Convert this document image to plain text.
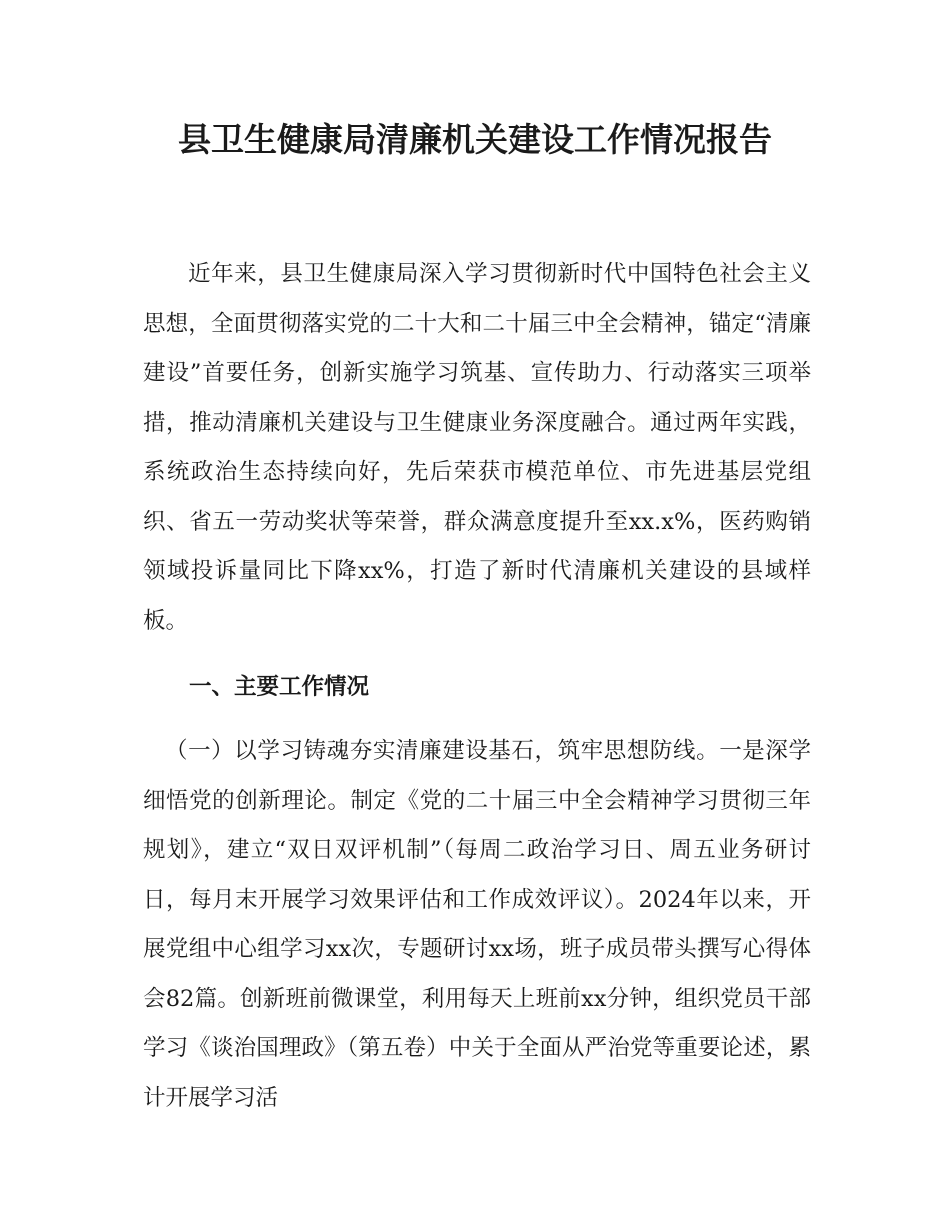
县卫生健康局清廉机关建设工作情况报告

近年来，县卫生健康局深入学习贯彻新时代中国特色社会主义思想，全面贯彻落实党的二十大和二十届三中全会精神，锚定“清廉建设”首要任务，创新实施学习筑基、宣传助力、行动落实三项举措，推动清廉机关建设与卫生健康业务深度融合。通过两年实践，系统政治生态持续向好，先后荣获市模范单位、市先进基层党组织、省五一劳动奖状等荣誉，群众满意度提升至xx.x%，医药购销领域投诉量同比下降xx%，打造了新时代清廉机关建设的县域样板。

一、主要工作情况

（一）以学习铸魂夯实清廉建设基石，筑牢思想防线。一是深学细悟党的创新理论。制定《党的二十届三中全会精神学习贯彻三年规划》，建立“双日双评机制”（每周二政治学习日、周五业务研讨日，每月末开展学习效果评估和工作成效评议）。2024年以来，开展党组中心组学习xx次，专题研讨xx场，班子成员带头撰写心得体会82篇。创新班前微课堂，利用每天上班前xx分钟，组织党员干部学习《谈治国理政》（第五卷）中关于全面从严治党等重要论述，累计开展学习活
